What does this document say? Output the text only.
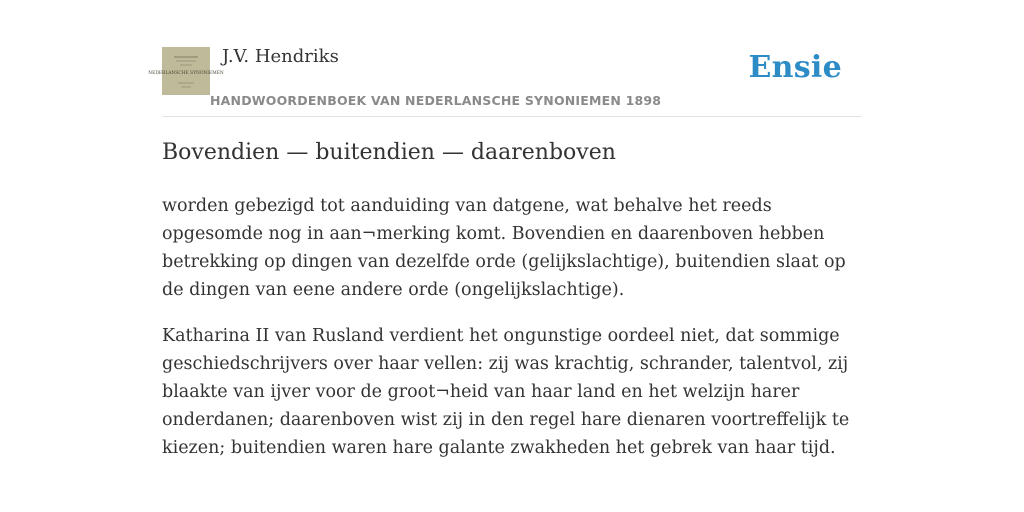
NEDERLANSCHE SYNONIEMEN
J.V. Hendriks
HANDWOORDENBOEK VAN NEDERLANSCHE SYNONIEMEN 1898
Ensie
Bovendien — buitendien — daarenboven

worden gebezigd tot aanduiding van datgene, wat behalve het reeds opgesomde nog in aan¬merking komt. Bovendien en daarenboven hebben betrekking op dingen van dezelfde orde (gelijkslachtige), buitendien slaat op de dingen van eene andere orde (ongelijkslachtige).

Katharina II van Rusland verdient het ongunstige oordeel niet, dat sommige geschiedschrijvers over haar vellen: zij was krachtig, schrander, talentvol, zij blaakte van ijver voor de groot¬heid van haar land en het welzijn harer onderdanen; daarenboven wist zij in den regel hare dienaren voortreffelijk te kiezen; buitendien waren hare galante zwakheden het gebrek van haar tijd.
